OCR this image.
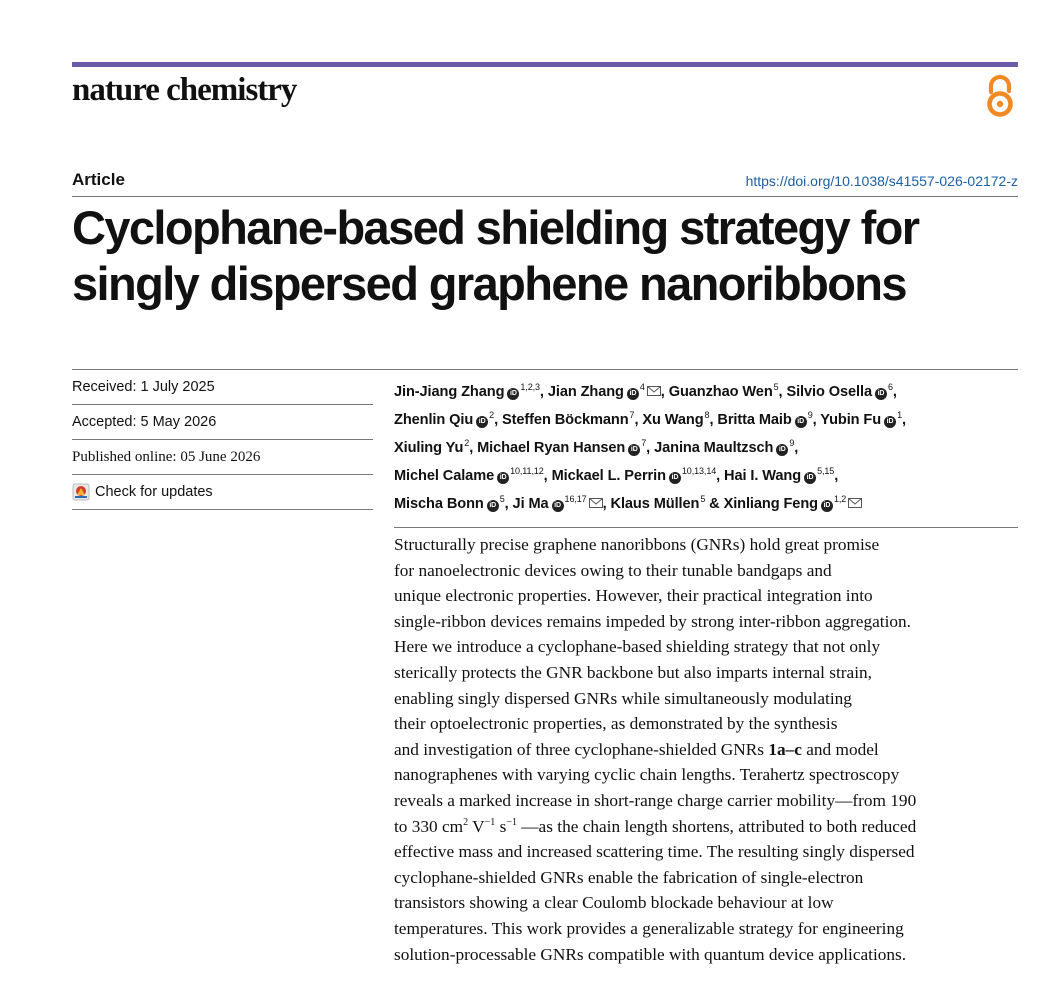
nature chemistry
Article	https://doi.org/10.1038/s41557-026-02172-z
Cyclophane-based shielding strategy for
singly dispersed graphene nanoribbons
Received: 1 July 2025
Accepted: 5 May 2026
Published online: 05 June 2026
Check for updates
Jin-Jiang Zhang iD$^{1,2,3}$, Jian Zhang iD$^4$ , Guanzhao Wen$^5$, Silvio Osella iD$^6$,
Zhenlin Qiu iD$^2$, Steffen Böckmann$^7$, Xu Wang$^8$, Britta Maib iD$^9$, Yubin Fu iD$^1$,
Xiuling Yu$^2$, Michael Ryan Hansen iD$^7$, Janina Maultzsch iD$^9$,
Michel Calame iD$^{10,11,12}$, Mickael L. Perrin iD$^{10,13,14}$, Hai I. Wang iD$^{5,15}$,
Mischa Bonn iD$^5$, Ji Ma iD$^{16,17}$ , Klaus Müllen$^5$ & Xinliang Feng iD$^{1,2}$

Structurally precise graphene nanoribbons (GNRs) hold great promise
for nanoelectronic devices owing to their tunable bandgaps and
unique electronic properties. However, their practical integration into
single-ribbon devices remains impeded by strong inter-ribbon aggregation.
Here we introduce a cyclophane-based shielding strategy that not only
sterically protects the GNR backbone but also imparts internal strain,
enabling singly dispersed GNRs while simultaneously modulating
their optoelectronic properties, as demonstrated by the synthesis
and investigation of three cyclophane-shielded GNRs 1a–c and model
nanographenes with varying cyclic chain lengths. Terahertz spectroscopy
reveals a marked increase in short-range charge carrier mobility—from 190
to 330 $cm^2$ $V^{-1}$ $s^{-1}$ —as the chain length shortens, attributed to both reduced
effective mass and increased scattering time. The resulting singly dispersed
cyclophane-shielded GNRs enable the fabrication of single-electron
transistors showing a clear Coulomb blockade behaviour at low
temperatures. This work provides a generalizable strategy for engineering
solution-processable GNRs compatible with quantum device applications.
